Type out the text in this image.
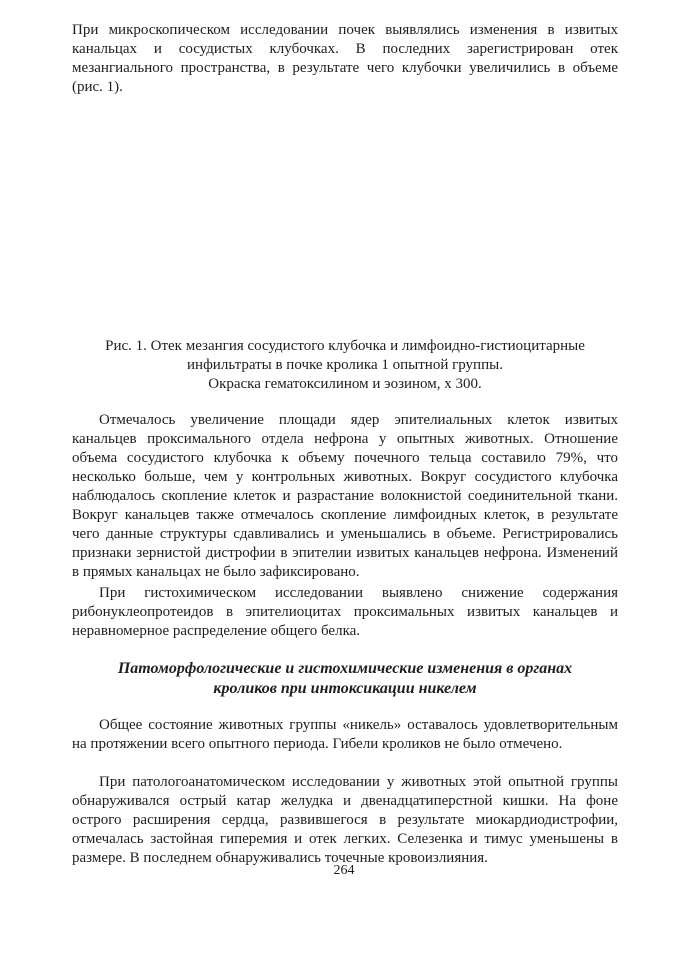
При микроскопическом исследовании почек выявлялись изменения в извитых канальцах и сосудистых клубочках. В последних зарегистрирован отек мезангиального пространства, в результате чего клубочки увеличились в объеме (рис. 1).

Рис. 1. Отек мезангия сосудистого клубочка и лимфоидно-гистиоцитарные
инфильтраты в почке кролика 1 опытной группы.
Окраска гематоксилином и эозином, х 300.

Отмечалось увеличение площади ядер эпителиальных клеток извитых канальцев проксимального отдела нефрона у опытных животных. Отношение объема сосудистого клубочка к объему почечного тельца составило 79%, что несколько больше, чем у контрольных животных. Вокруг сосудистого клубочка наблюдалось скопление клеток и разрастание волокнистой соединительной ткани. Вокруг канальцев также отмечалось скопление лимфоидных клеток, в результате чего данные структуры сдавливались и уменьшались в объеме. Регистрировались признаки зернистой дистрофии в эпителии извитых канальцев нефрона. Изменений в прямых канальцах не было зафиксировано.

При гистохимическом исследовании выявлено снижение содержания рибонуклеопротеидов в эпителиоцитах проксимальных извитых канальцев и неравномерное распределение общего белка.

Патоморфологические и гистохимические изменения в органах
кроликов при интоксикации никелем

Общее состояние животных группы «никель» оставалось удовлетворительным на протяжении всего опытного периода. Гибели кроликов не было отмечено.

При патологоанатомическом исследовании у животных этой опытной группы обнаруживался острый катар желудка и двенадцатиперстной кишки. На фоне острого расширения сердца, развившегося в результате миокардиодистрофии, отмечалась застойная гиперемия и отек легких. Селезенка и тимус уменьшены в размере. В последнем обнаруживались точечные кровоизлияния.

264
